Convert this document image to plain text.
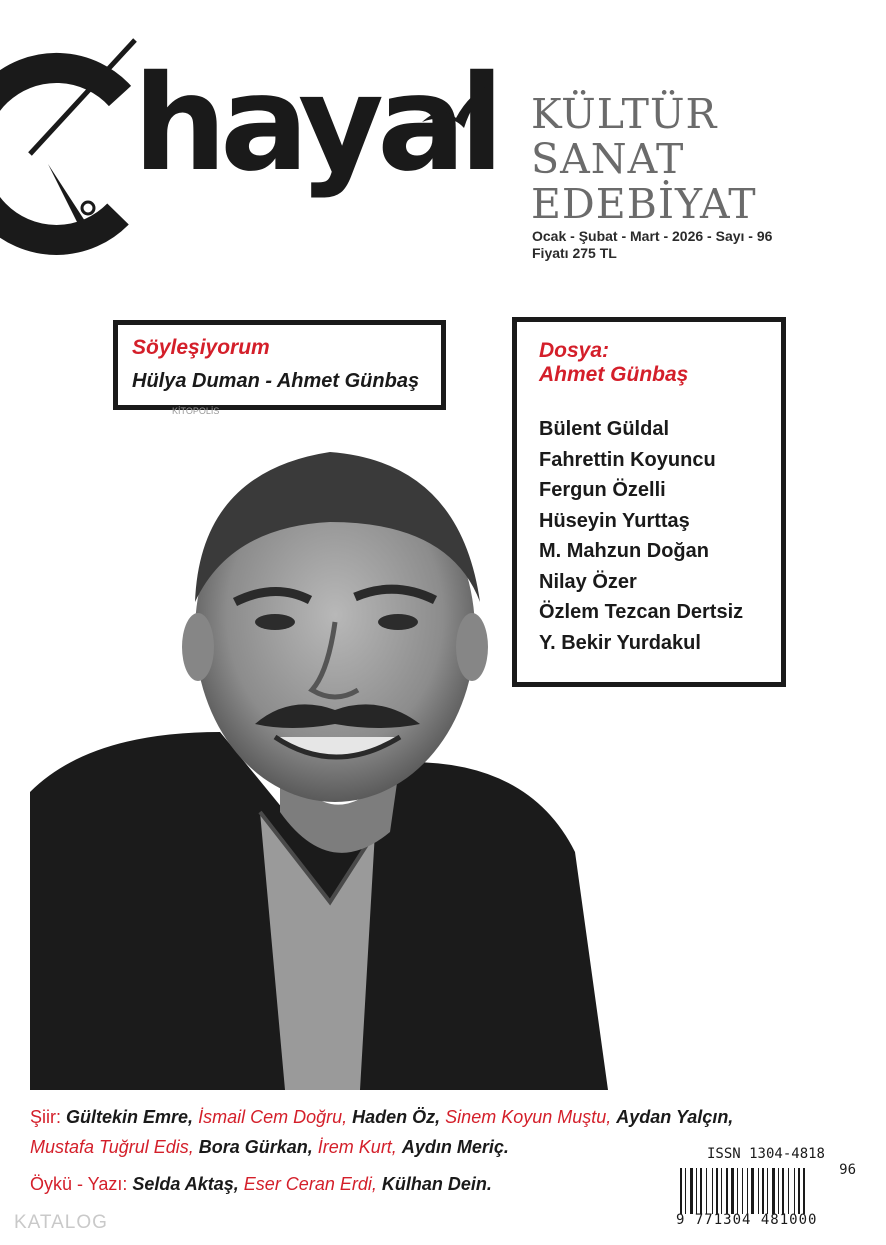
hayal KÜLTÜR
SANAT
EDEBİYAT
Ocak - Şubat - Mart - 2026 - Sayı - 96
Fiyatı 275 TL
Söyleşiyorum
Hülya Duman - Ahmet Günbaş
KİTOPOLİS
Dosya:
Ahmet Günbaş
Bülent Güldal
Fahrettin Koyuncu
Fergun Özelli
Hüseyin Yurttaş
M. Mahzun Doğan
Nilay Özer
Özlem Tezcan Dertsiz
Y. Bekir Yurdakul
Şiir: Gültekin Emre, İsmail Cem Doğru, Haden Öz, Sinem Koyun Muştu, Aydan Yalçın,
Mustafa Tuğrul Edis, Bora Gürkan, İrem Kurt, Aydın Meriç.
Öykü - Yazı: Selda Aktaş, Eser Ceran Erdi, Külhan Dein.
KATALOG
ISSN 1304-4818
96
9 771304 481000
